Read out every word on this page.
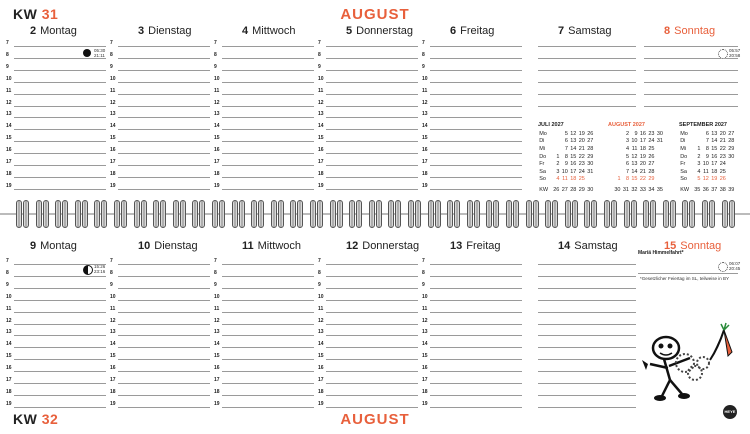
KW 31	AUGUST
KW 32	AUGUST
2 Montag
7
8
9
10
11
12
13
14
15
16
17
18
19
3 Dienstag
7
8
9
10
11
12
13
14
15
16
17
18
19
4 Mittwoch
7
8
9
10
11
12
13
14
15
16
17
18
19
5 Donnerstag
7
8
9
10
11
12
13
14
15
16
17
18
19
6 Freitag
7
8
9
10
11
12
13
14
15
16
17
18
19
7 Samstag	8 Sonntag
9 Montag
7
8
9
10
11
12
13
14
15
16
17
18
19
10 Dienstag
7
8
9
10
11
12
13
14
15
16
17
18
19
11 Mittwoch
7
8
9
10
11
12
13
14
15
16
17
18
19
12 Donnerstag
7
8
9
10
11
12
13
14
15
16
17
18
19
13 Freitag
7
8
9
10
11
12
13
14
15
16
17
18
19
14 Samstag	15 Sonntag
JULI 2027
Mo		5	12	19	26
Di		6	13	20	27
Mi		7	14	21	28
Do	1	8	15	22	29
Fr	2	9	16	23	30
Sa	3	10	17	24	31
So	4	11	18	25	
KW	26	27	28	29	30
AUGUST 2027
		2	9	16	23	30
		3	10	17	24	31
		4	11	18	25	
		5	12	19	26	
		6	13	20	27	
		7	14	21	28	
	1	8	15	22	29	
	30	31	32	33	34	35
SEPTEMBER 2027
Mo		6	13	20	27
Di		7	14	21	28
Mi	1	8	15	22	29
Do	2	9	16	23	30
Fr	3	10	17	24	
Sa	4	11	18	25	
So	5	12	19	26	
KW	35	36	37	38	39
Mariä Himmelfahrt*
*Gesetzlicher Feiertag im SL, teilweise in BY
HEYE
05:30
21:11
05:57
20:58
15:26
23:16
06:07
20:45
